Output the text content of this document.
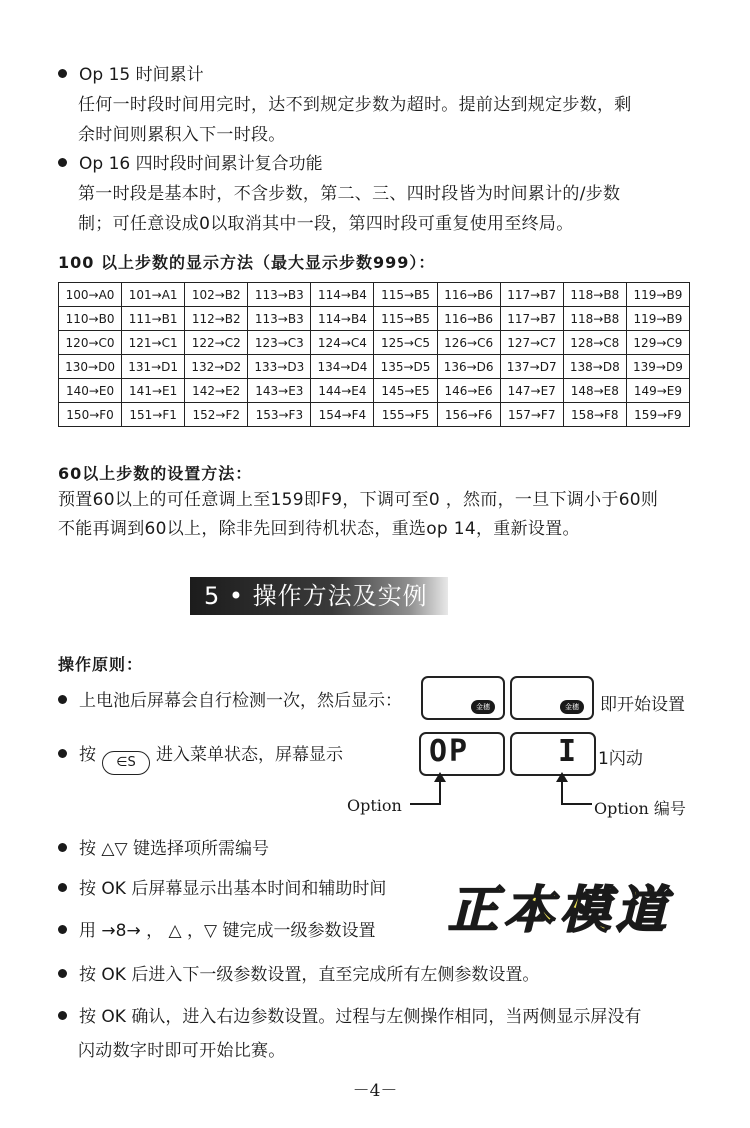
Op 15 时间累计
任何一时段时间用完时，达不到规定步数为超时。提前达到规定步数，剩
余时间则累积入下一时段。
Op 16 四时段时间累计复合功能
第一时段是基本时，不含步数，第二、三、四时段皆为时间累计的/步数
制；可任意设成0以取消其中一段，第四时段可重复使用至终局。
100 以上步数的显示方法（最大显示步数999）：
100→A0	101→A1	102→B2	113→B3	114→B4	115→B5	116→B6	117→B7	118→B8	119→B9
110→B0	111→B1	112→B2	113→B3	114→B4	115→B5	116→B6	117→B7	118→B8	119→B9
120→C0	121→C1	122→C2	123→C3	124→C4	125→C5	126→C6	127→C7	128→C8	129→C9
130→D0	131→D1	132→D2	133→D3	134→D4	135→D5	136→D6	137→D7	138→D8	139→D9
140→E0	141→E1	142→E2	143→E3	144→E4	145→E5	146→E6	147→E7	148→E8	149→E9
150→F0	151→F1	152→F2	153→F3	154→F4	155→F5	156→F6	157→F7	158→F8	159→F9
60以上步数的设置方法：
预置60以上的可任意调上至159即F9，下调可至0 ，然而，一旦下调小于60则
不能再调到60以上，除非先回到待机状态，重选op 14，重新设置。
5 • 操作方法及实例
操作原则：
上电池后屏幕会自行检测一次，然后显示：	金穗	金穗 即开始设置
按 ∈S 进入菜单状态，屏幕显示	OP	I 1闪动
Option	Option 编号
按 △▽ 键选择项所需编号
按 OK 后屏幕显示出基本时间和辅助时间
用 →8→ ， △ ，▽ 键完成一级参数设置
按 OK 后进入下一级参数设置，直至完成所有左侧参数设置。
按 OK 确认，进入右边参数设置。过程与左侧操作相同，当两侧显示屏没有
闪动数字时即可开始比赛。
正本模道
－4－
